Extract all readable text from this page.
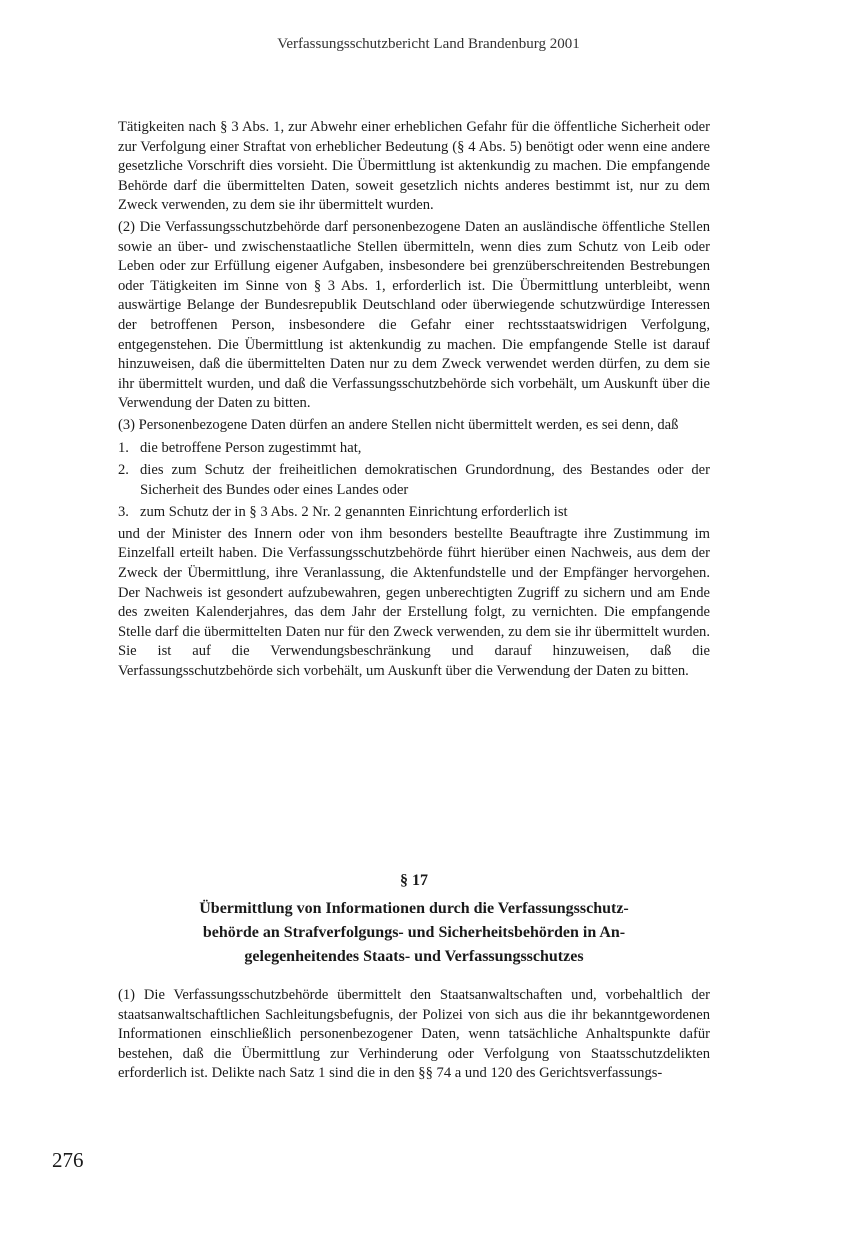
Verfassungsschutzbericht Land Brandenburg 2001

Tätigkeiten nach § 3 Abs. 1, zur Abwehr einer erheblichen Gefahr für die öffentliche Sicherheit oder zur Verfolgung einer Straftat von erheblicher Bedeutung (§ 4 Abs. 5) benötigt oder wenn eine andere gesetzliche Vorschrift dies vorsieht. Die Übermittlung ist aktenkundig zu machen. Die empfangende Behörde darf die übermittelten Daten, soweit gesetzlich nichts anderes bestimmt ist, nur zu dem Zweck verwenden, zu dem sie ihr übermittelt wurden.

(2) Die Verfassungsschutzbehörde darf personenbezogene Daten an ausländische öffentliche Stellen sowie an über- und zwischenstaatliche Stellen übermitteln, wenn dies zum Schutz von Leib oder Leben oder zur Erfüllung eigener Aufgaben, insbesondere bei grenzüberschreitenden Bestrebungen oder Tätigkeiten im Sinne von § 3 Abs. 1, erforderlich ist. Die Übermittlung unterbleibt, wenn auswärtige Belange der Bundesrepublik Deutschland oder überwiegende schutzwürdige Interessen der betroffenen Person, insbesondere die Gefahr einer rechtsstaatswidrigen Verfolgung, entgegenstehen. Die Übermittlung ist aktenkundig zu machen. Die empfangende Stelle ist darauf hinzuweisen, daß die übermittelten Daten nur zu dem Zweck verwendet werden dürfen, zu dem sie ihr übermittelt wurden, und daß die Verfassungsschutzbehörde sich vorbehält, um Auskunft über die Verwendung der Daten zu bitten.

(3) Personenbezogene Daten dürfen an andere Stellen nicht übermittelt werden, es sei denn, daß

1. die betroffene Person zugestimmt hat,
2. dies zum Schutz der freiheitlichen demokratischen Grundordnung, des Bestandes oder der Sicherheit des Bundes oder eines Landes oder
3. zum Schutz der in § 3 Abs. 2 Nr. 2 genannten Einrichtung erforderlich ist

und der Minister des Innern oder von ihm besonders bestellte Beauftragte ihre Zustimmung im Einzelfall erteilt haben. Die Verfassungsschutzbehörde führt hierüber einen Nachweis, aus dem der Zweck der Übermittlung, ihre Veranlassung, die Aktenfundstelle und der Empfänger hervorgehen. Der Nachweis ist gesondert aufzubewahren, gegen unberechtigten Zugriff zu sichern und am Ende des zweiten Kalenderjahres, das dem Jahr der Erstellung folgt, zu vernichten. Die empfangende Stelle darf die übermittelten Daten nur für den Zweck verwenden, zu dem sie ihr übermittelt wurden. Sie ist auf die Verwendungsbeschränkung und darauf hinzuweisen, daß die Verfassungsschutzbehörde sich vorbehält, um Auskunft über die Verwendung der Daten zu bitten.

§ 17
Übermittlung von Informationen durch die Verfassungsschutz-
behörde an Strafverfolgungs- und Sicherheitsbehörden in An-
gelegenheitendes Staats- und Verfassungsschutzes

(1) Die Verfassungsschutzbehörde übermittelt den Staatsanwaltschaften und, vorbehaltlich der staatsanwaltschaftlichen Sachleitungsbefugnis, der Polizei von sich aus die ihr bekanntgewordenen Informationen einschließlich personenbezogener Daten, wenn tatsächliche Anhaltspunkte dafür bestehen, daß die Übermittlung zur Verhinderung oder Verfolgung von Staatsschutzdelikten erforderlich ist. Delikte nach Satz 1 sind die in den §§ 74 a und 120 des Gerichtsverfassungs-

276
